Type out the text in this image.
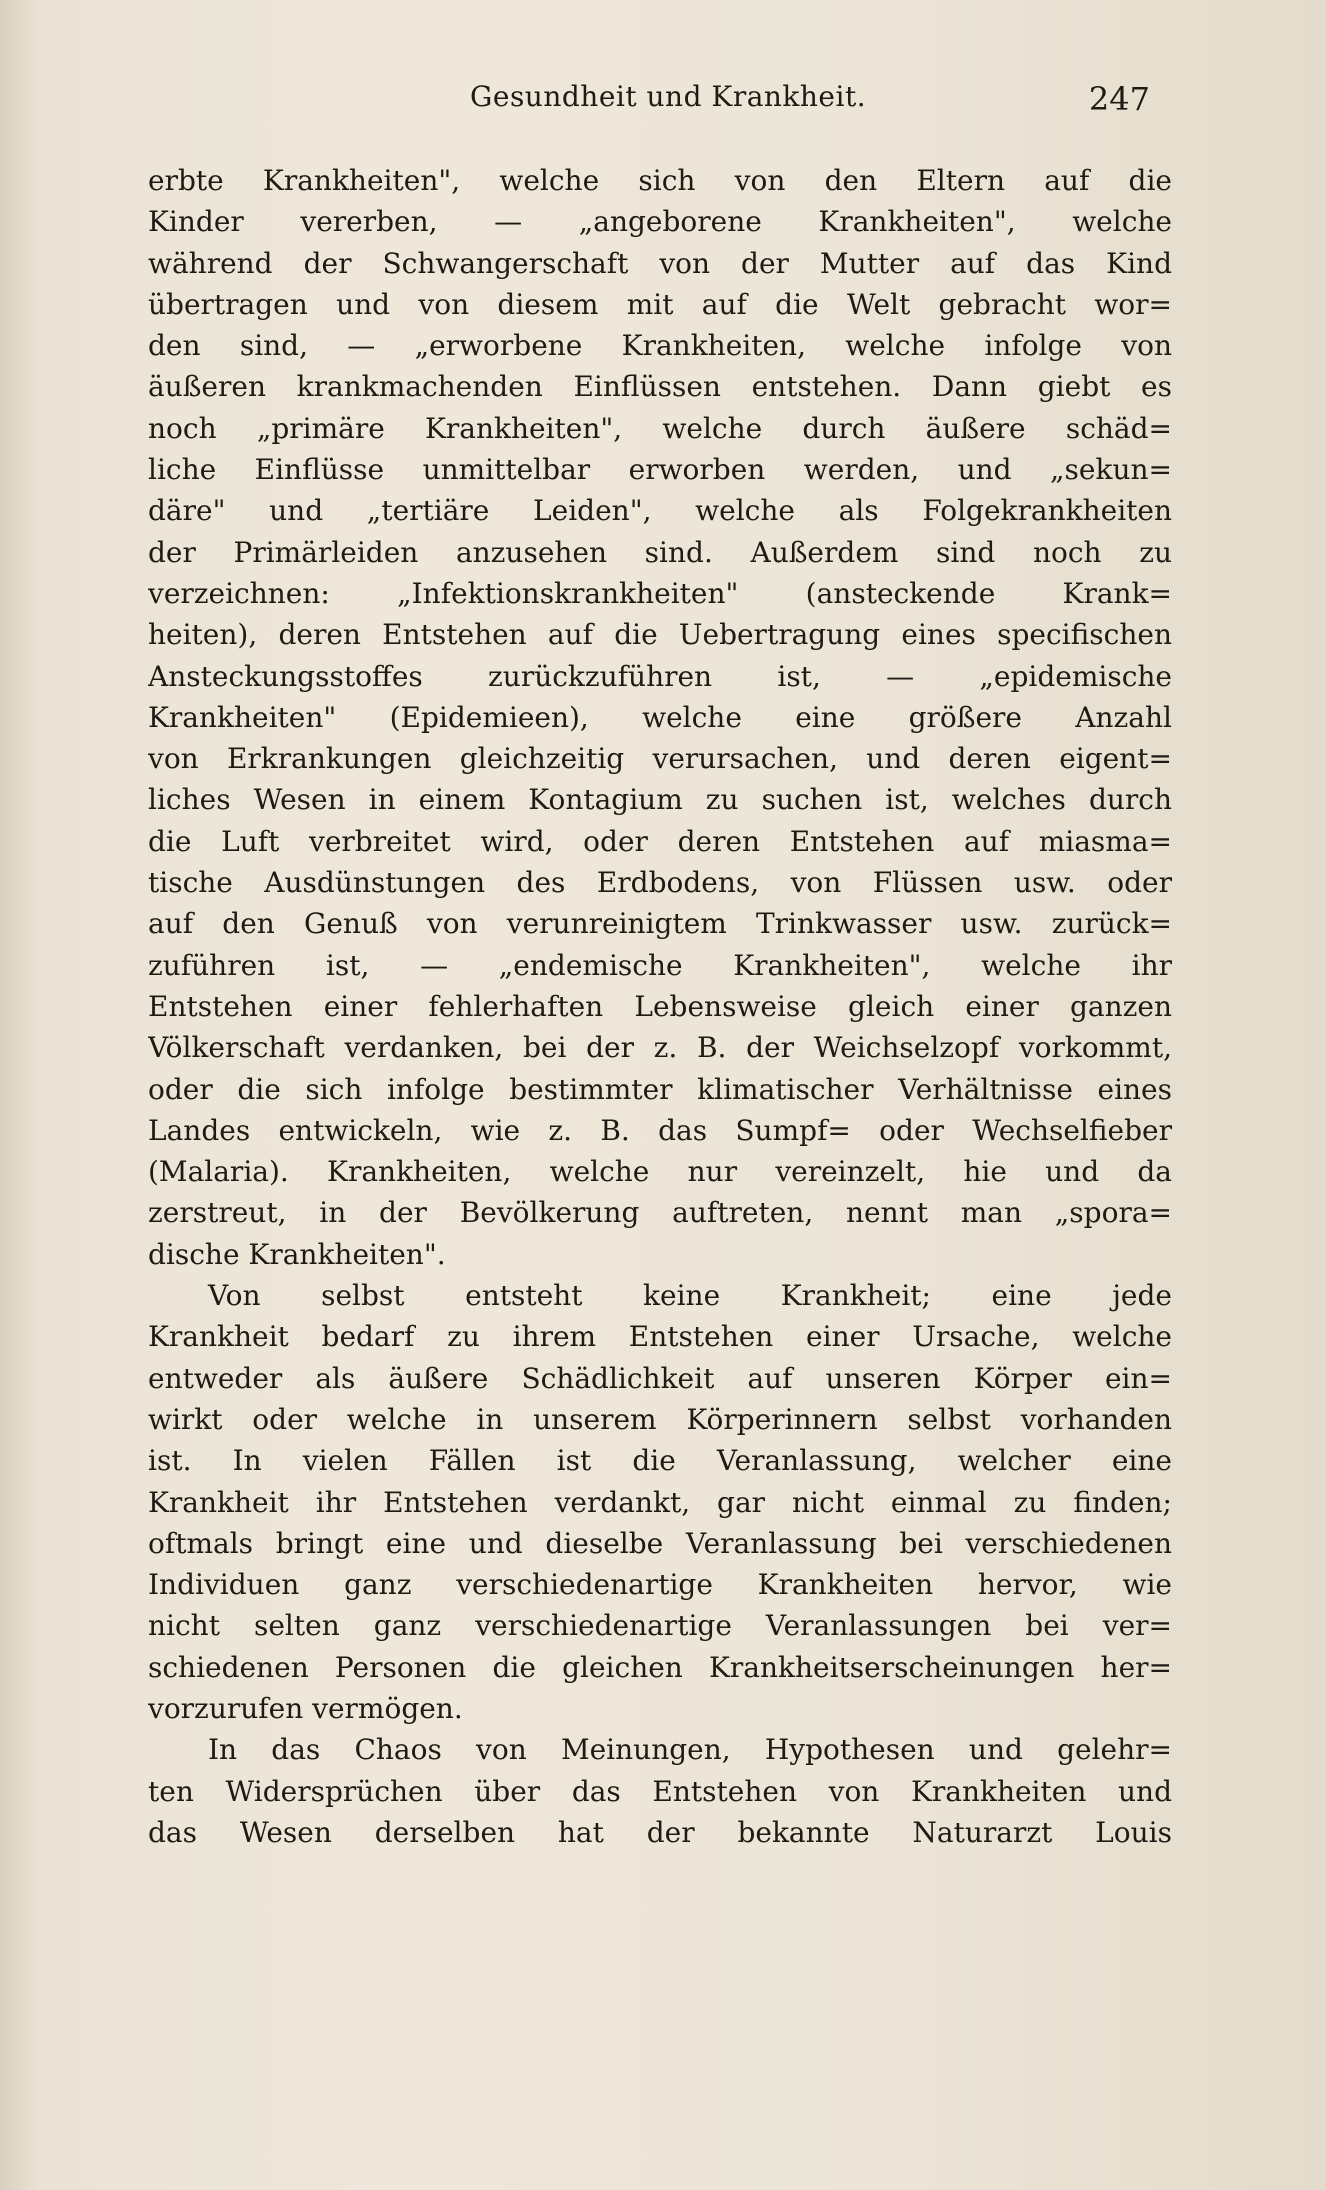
Gesundheit und Krankheit.	247
erbte Krankheiten", welche sich von den Eltern auf die
Kinder vererben, — „angeborene Krankheiten", welche
während der Schwangerschaft von der Mutter auf das Kind
übertragen und von diesem mit auf die Welt gebracht wor=
den sind, — „erworbene Krankheiten, welche infolge von
äußeren krankmachenden Einflüssen entstehen. Dann giebt es
noch „primäre Krankheiten", welche durch äußere schäd=
liche Einflüsse unmittelbar erworben werden, und „sekun=
däre" und „tertiäre Leiden", welche als Folgekrankheiten
der Primärleiden anzusehen sind. Außerdem sind noch zu
verzeichnen: „Infektionskrankheiten" (ansteckende Krank=
heiten), deren Entstehen auf die Uebertragung eines specifischen
Ansteckungsstoffes zurückzuführen ist, — „epidemische
Krankheiten" (Epidemieen), welche eine größere Anzahl
von Erkrankungen gleichzeitig verursachen, und deren eigent=
liches Wesen in einem Kontagium zu suchen ist, welches durch
die Luft verbreitet wird, oder deren Entstehen auf miasma=
tische Ausdünstungen des Erdbodens, von Flüssen usw. oder
auf den Genuß von verunreinigtem Trinkwasser usw. zurück=
zuführen ist, — „endemische Krankheiten", welche ihr
Entstehen einer fehlerhaften Lebensweise gleich einer ganzen
Völkerschaft verdanken, bei der z. B. der Weichselzopf vorkommt,
oder die sich infolge bestimmter klimatischer Verhältnisse eines
Landes entwickeln, wie z. B. das Sumpf= oder Wechselfieber
(Malaria). Krankheiten, welche nur vereinzelt, hie und da
zerstreut, in der Bevölkerung auftreten, nennt man „spora=
dische Krankheiten".
Von selbst entsteht keine Krankheit; eine jede
Krankheit bedarf zu ihrem Entstehen einer Ursache, welche
entweder als äußere Schädlichkeit auf unseren Körper ein=
wirkt oder welche in unserem Körperinnern selbst vorhanden
ist. In vielen Fällen ist die Veranlassung, welcher eine
Krankheit ihr Entstehen verdankt, gar nicht einmal zu finden;
oftmals bringt eine und dieselbe Veranlassung bei verschiedenen
Individuen ganz verschiedenartige Krankheiten hervor, wie
nicht selten ganz verschiedenartige Veranlassungen bei ver=
schiedenen Personen die gleichen Krankheitserscheinungen her=
vorzurufen vermögen.
In das Chaos von Meinungen, Hypothesen und gelehr=
ten Widersprüchen über das Entstehen von Krankheiten und
das Wesen derselben hat der bekannte Naturarzt Louis
